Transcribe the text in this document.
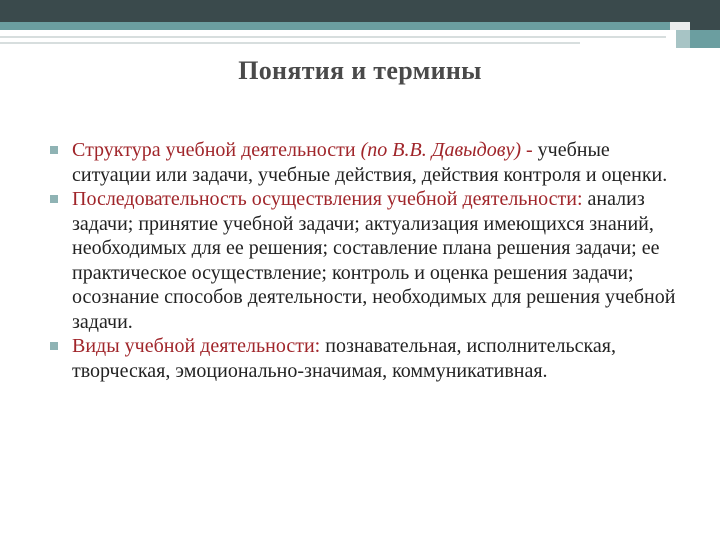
Понятия и термины
Структура учебной деятельности (по В.В. Давыдову) - учебные ситуации или задачи, учебные действия, действия контроля и оценки.
Последовательность осуществления учебной деятельности: анализ задачи; принятие учебной задачи; актуализация имеющихся знаний, необходимых для ее решения; составление плана решения задачи; ее практическое осуществление; контроль и оценка решения задачи; осознание способов деятельности, необходимых для решения учебной задачи.
Виды учебной деятельности: познавательная, исполнительская, творческая, эмоционально-значимая, коммуникативная.
